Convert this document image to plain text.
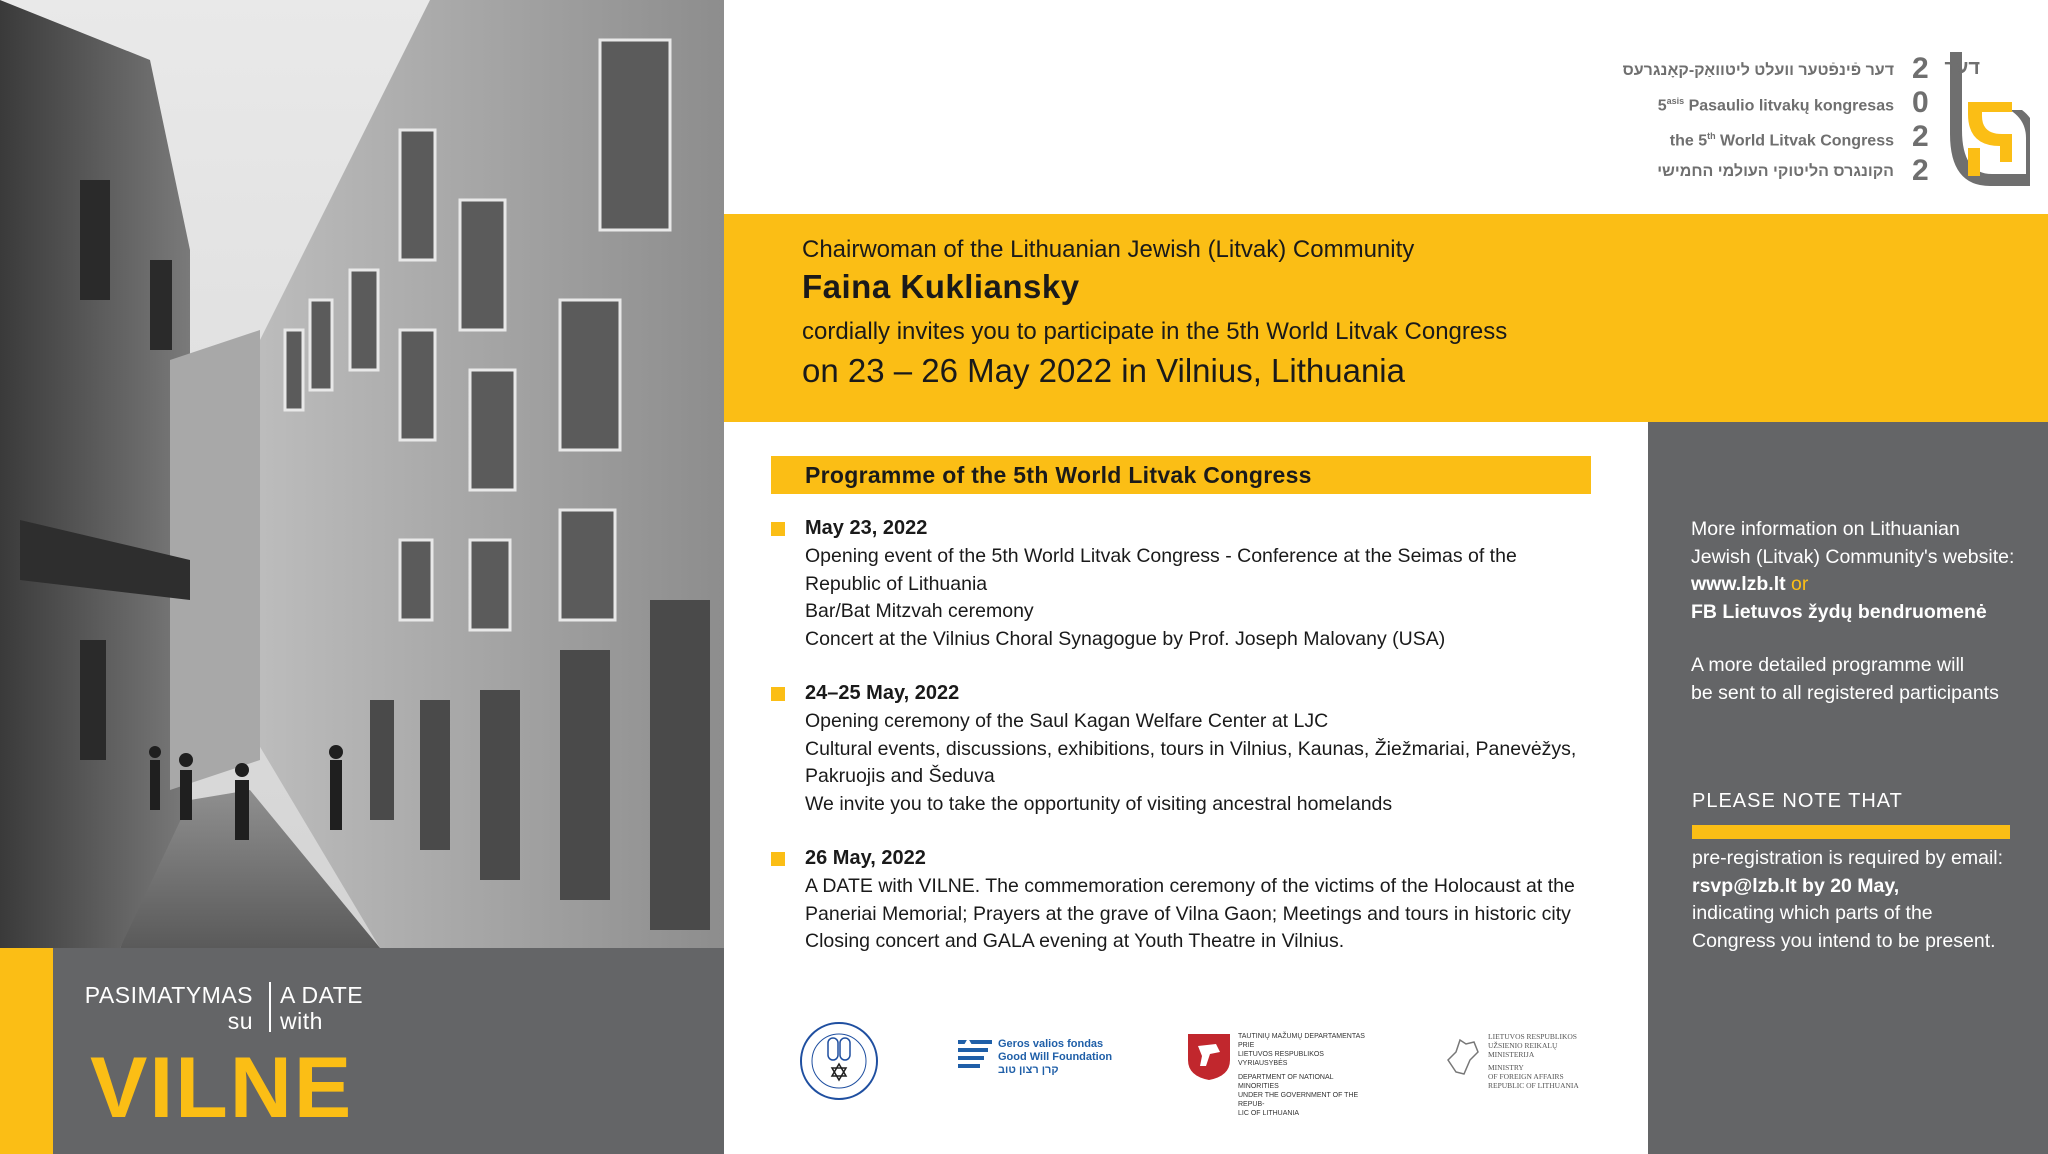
PASIMATYMAS
su
A DATE
with
VILNE
דער פֿינפֿטער וועלט ליטוואַק-קאָנגרעס
$5^{asis}$ Pasaulio litvakų kongresas
the 5th World Litvak Congress
הקונגרס הליטוקי העולמי החמישי
2
0
2
2
דער
Chairwoman of the Lithuanian Jewish (Litvak) Community
Faina Kukliansky
cordially invites you to participate in the 5th World Litvak Congress
on 23 – 26 May 2022 in Vilnius, Lithuania
Programme of the 5th World Litvak Congress
May 23, 2022
Opening event of the 5th World Litvak Congress - Conference at the Seimas of the
Republic of Lithuania
Bar/Bat Mitzvah ceremony
Concert at the Vilnius Choral Synagogue by Prof. Joseph Malovany (USA)
24–25 May, 2022
Opening ceremony of the Saul Kagan Welfare Center at LJC
Cultural events, discussions, exhibitions, tours in Vilnius, Kaunas, Žiežmariai, Panevėžys,
Pakruojis and Šeduva
We invite you to take the opportunity of visiting ancestral homelands
26 May, 2022
A DATE with VILNE. The commemoration ceremony of the victims of the Holocaust at the
Paneriai Memorial; Prayers at the grave of Vilna Gaon; Meetings and tours in historic city
Closing concert and GALA evening at Youth Theatre in Vilnius.
More information on Lithuanian
Jewish (Litvak) Community's website:
www.lzb.lt or
FB Lietuvos žydų bendruomenė
A more detailed programme will
be sent to all registered participants
PLEASE NOTE THAT
pre-registration is required by email:
rsvp@lzb.lt by 20 May,
indicating which parts of the
Congress you intend to be present.
Geros valios fondas
Good Will Foundation
קרן רצון טוב
TAUTINIŲ MAŽUMŲ DEPARTAMENTAS PRIE
LIETUVOS RESPUBLIKOS VYRIAUSYBĖS
DEPARTMENT OF NATIONAL MINORITIES
UNDER THE GOVERNMENT OF THE REPUB-
LIC OF LITHUANIA
LIETUVOS RESPUBLIKOS
UŽSIENIO REIKALŲ
MINISTERIJA
MINISTRY
OF FOREIGN AFFAIRS
REPUBLIC OF LITHUANIA
